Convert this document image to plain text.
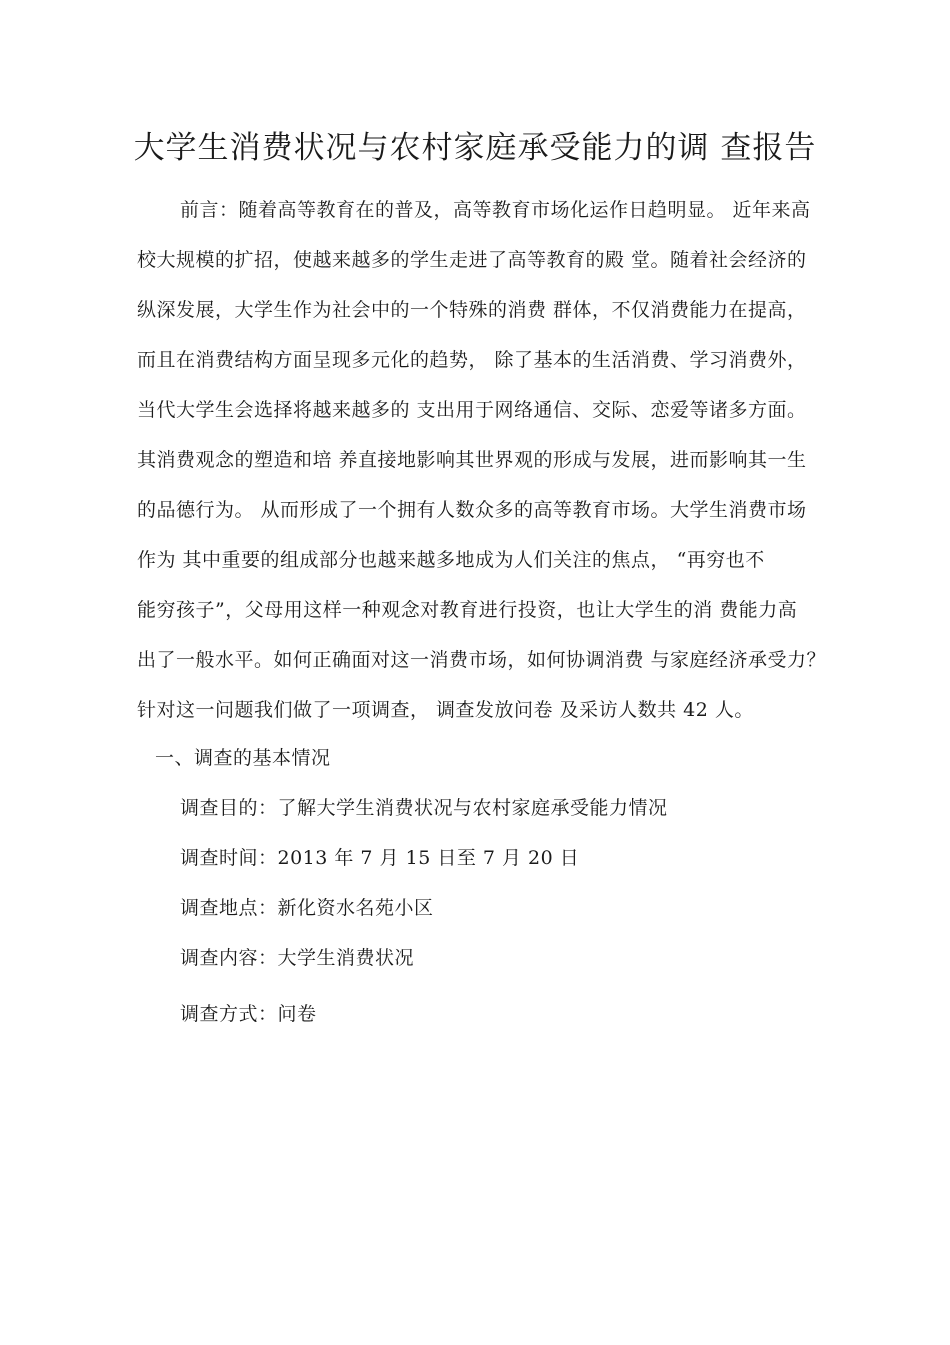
大学生消费状况与农村家庭承受能力的调 查报告
前言：随着高等教育在的普及，高等教育市场化运作日趋明显。 近年来高
校大规模的扩招，使越来越多的学生走进了高等教育的殿 堂。随着社会经济的
纵深发展，大学生作为社会中的一个特殊的消费 群体，不仅消费能力在提高，
而且在消费结构方面呈现多元化的趋势， 除了基本的生活消费、学习消费外，
当代大学生会选择将越来越多的 支出用于网络通信、交际、恋爱等诸多方面。
其消费观念的塑造和培 养直接地影响其世界观的形成与发展，进而影响其一生
的品德行为。 从而形成了一个拥有人数众多的高等教育市场。大学生消费市场
作为 其中重要的组成部分也越来越多地成为人们关注的焦点， “再穷也不
能穷孩子”，父母用这样一种观念对教育进行投资，也让大学生的消 费能力高
出了一般水平。如何正确面对这一消费市场，如何协调消费 与家庭经济承受力？
针对这一问题我们做了一项调查， 调查发放问卷 及采访人数共 42 人。
一、调查的基本情况
调查目的：了解大学生消费状况与农村家庭承受能力情况
调查时间：2013 年 7 月 15 日至 7 月 20 日
调查地点：新化资水名苑小区
调查内容：大学生消费状况
调查方式：问卷
